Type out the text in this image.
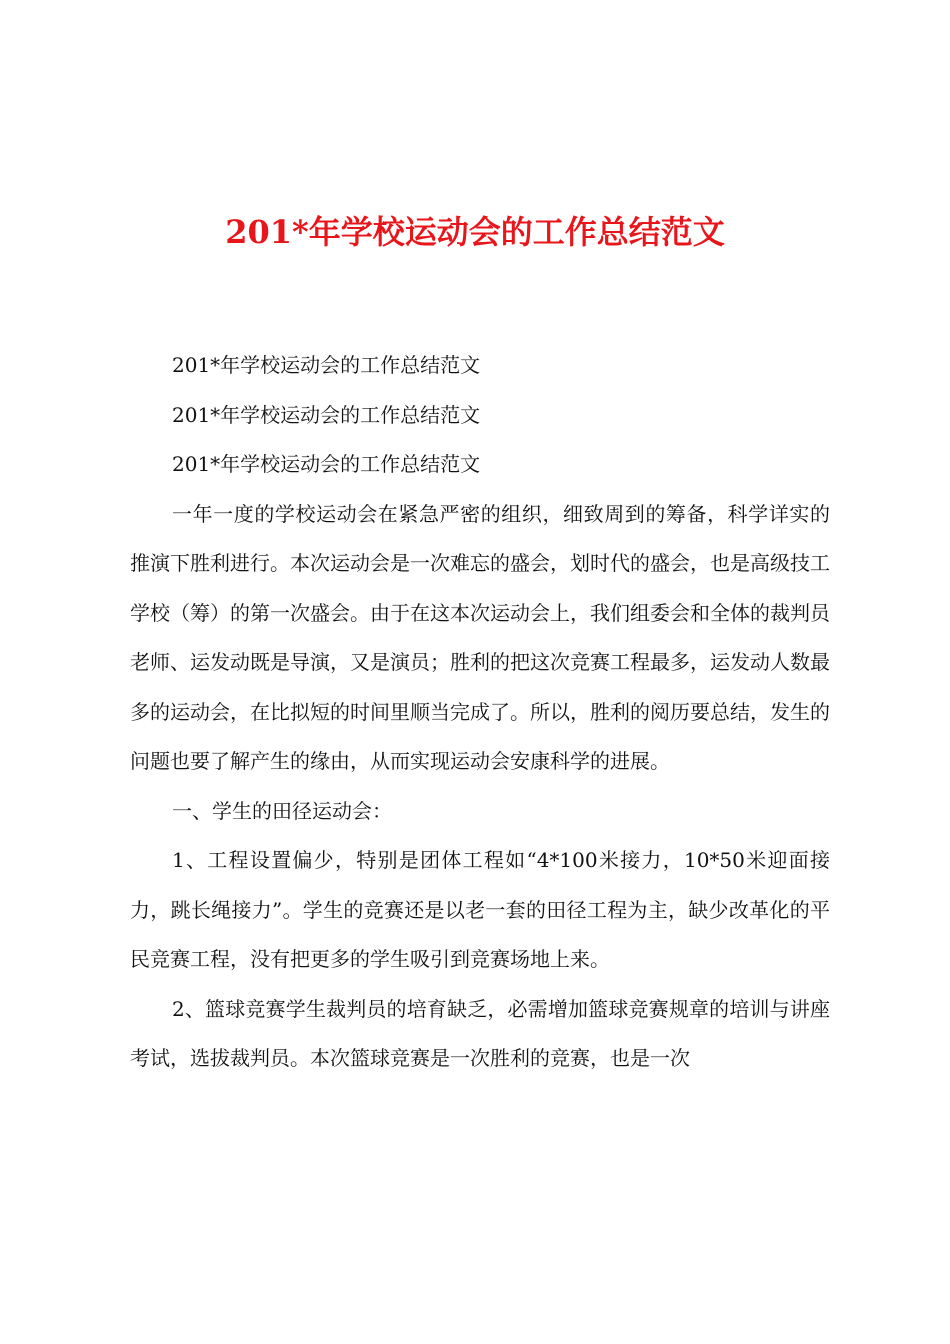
201*年学校运动会的工作总结范文

201*年学校运动会的工作总结范文

201*年学校运动会的工作总结范文

201*年学校运动会的工作总结范文

一年一度的学校运动会在紧急严密的组织，细致周到的筹备，科学详实的推演下胜利进行。本次运动会是一次难忘的盛会，划时代的盛会，也是高级技工学校（筹）的第一次盛会。由于在这本次运动会上，我们组委会和全体的裁判员老师、运发动既是导演，又是演员；胜利的把这次竞赛工程最多，运发动人数最多的运动会，在比拟短的时间里顺当完成了。所以，胜利的阅历要总结，发生的问题也要了解产生的缘由，从而实现运动会安康科学的进展。

一、学生的田径运动会：

1、工程设置偏少，特别是团体工程如“4*100米接力，10*50米迎面接力，跳长绳接力”。学生的竞赛还是以老一套的田径工程为主，缺少改革化的平民竞赛工程，没有把更多的学生吸引到竞赛场地上来。

2、篮球竞赛学生裁判员的培育缺乏，必需增加篮球竞赛规章的培训与讲座考试，选拔裁判员。本次篮球竞赛是一次胜利的竞赛，也是一次
